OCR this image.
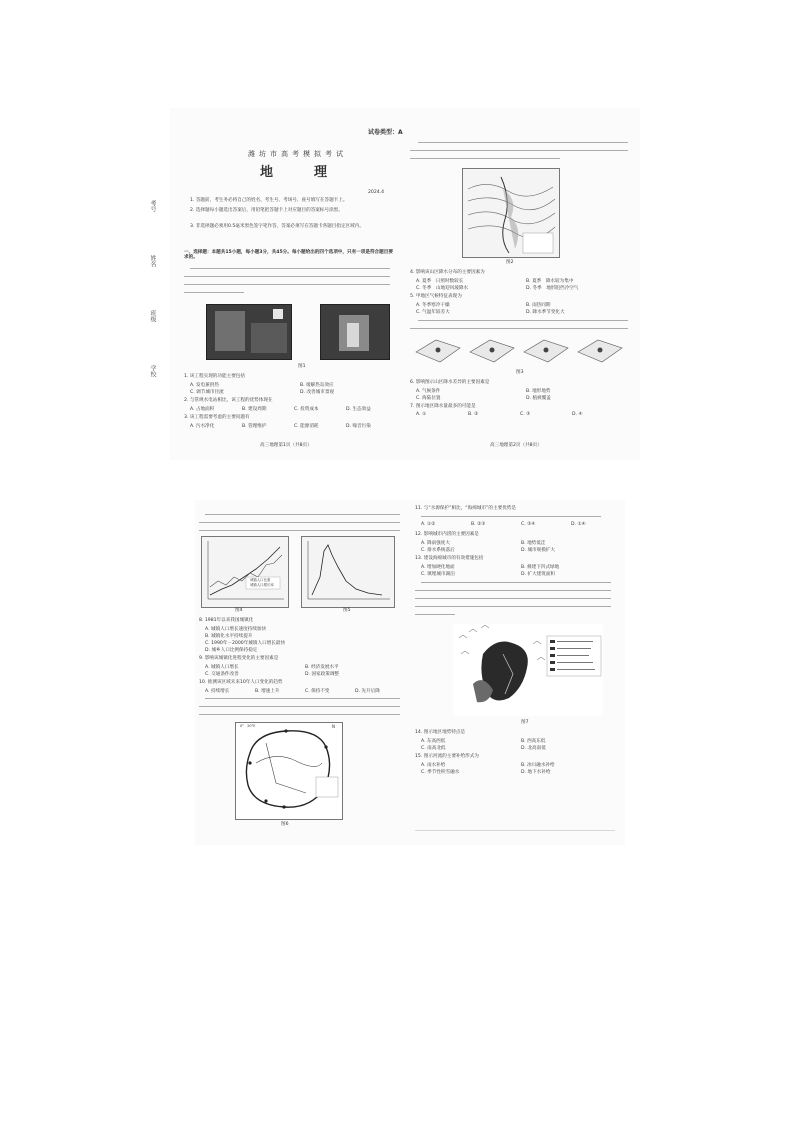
考号
姓名
班级
学校
试卷类型：A
潍坊市高考模拟考试
地　理
2024.4
1. 答题前，考生务必将自己的姓名、考生号、考场号、座号填写在答题卡上。
2. 选择题每小题选出答案后，用铅笔把答题卡上对应题目的答案标号涂黑。
3. 非选择题必须用0.5毫米黑色签字笔作答，答案必须写在答题卡各题目指定区域内。
一、选择题：本题共15小题，每小题3分，共45分。每小题给出的四个选项中，只有一项是符合题目要求的。
图1
1. 该工程实现的功能主要包括
A. 发电兼供热	B. 缓解热岛效应
C. 调节城市径流	D. 改善城市景观
2. 与常规水电站相比，该工程的优势体现在
A. 占地面积	B. 建设周期	C. 投资成本	D. 生态效益
3. 该工程需要考虑的主要问题有
A. 污水净化	B. 管理维护	C. 能源消耗	D. 噪音污染
高三地理第1页（共8页）
图2
4. 影响该山区降水分布的主要因素为
A. 夏季　日照时数较长	B. 夏季　降水较为集中
C. 冬季　山地迎风坡降水	D. 冬季　地形阻挡冷空气
5. 甲地区气候特征表现为
A. 冬季寒冷干燥	B. 雨热同期
C. 气温年较差大	D. 降水季节变化大
图3
6. 影响图示山区降水差异的主要因素是
A. 气候条件	B. 地形地势
C. 海陆位置	D. 植被覆盖
7. 图示地区降水量最多的可能是
A. ①	B. ②	C. ③	D. ④
高三地理第2页（共8页）
城镇人口比重
城镇人口增长率
图4	图5
8. 1981年以来我国城镇化
A. 城镇人口增长速度持续加快
B. 城镇化水平持续提升
C. 1990年－2000年城镇人口增长最快
D. 城乡人口比例保持稳定
9. 影响该城镇化进程变化的主要因素是
A. 城镇人口增长	B. 经济发展水平
C. 交通条件改善	D. 国家政策调整
10. 推测该区域未来10年人口变化的趋势
A. 持续增长	B. 增速上升	C. 保持不变	D. 先升后降
0°　20°E	N
图6
11. 与“水源保护”相比，“海绵城市”的主要优势是
A. ①②	B. ②③	C. ③④	D. ①④
12. 影响城市内涝的主要因素是
A. 降雨强度大	B. 地势低洼
C. 排水系统落后	D. 城市规模扩大
13. 建设海绵城市的有效措施包括
A. 增加硬化地面	B. 修建下凹式绿地
C. 填埋城市湖泊	D. 扩大建筑面积
图7
14. 图示地区地势特点是
A. 东高西低	B. 西高东低
C. 南高北低	D. 北高南低
15. 图示河流的主要补给形式为
A. 雨水补给	B. 冰川融水补给
C. 季节性积雪融水	D. 地下水补给
